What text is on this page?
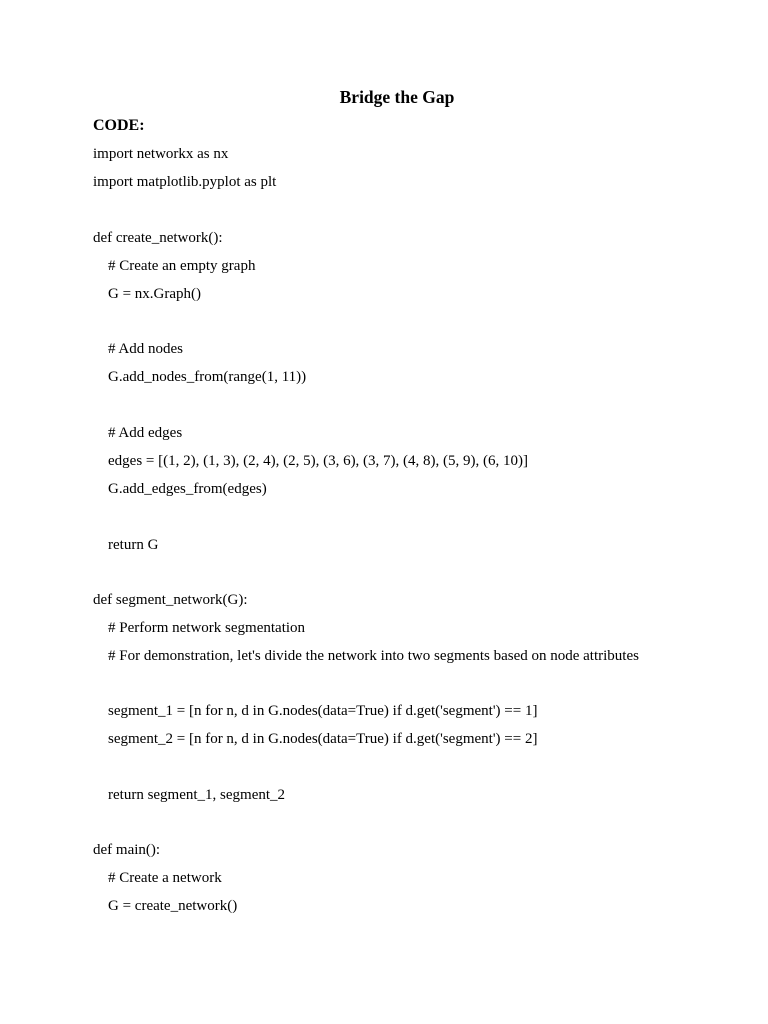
Bridge the Gap
CODE:
import networkx as nx
import matplotlib.pyplot as plt
def create_network():
# Create an empty graph
G = nx.Graph()
# Add nodes
G.add_nodes_from(range(1, 11))
# Add edges
edges = [(1, 2), (1, 3), (2, 4), (2, 5), (3, 6), (3, 7), (4, 8), (5, 9), (6, 10)]
G.add_edges_from(edges)
return G
def segment_network(G):
# Perform network segmentation
# For demonstration, let's divide the network into two segments based on node attributes
segment_1 = [n for n, d in G.nodes(data=True) if d.get('segment') == 1]
segment_2 = [n for n, d in G.nodes(data=True) if d.get('segment') == 2]
return segment_1, segment_2
def main():
# Create a network
G = create_network()
